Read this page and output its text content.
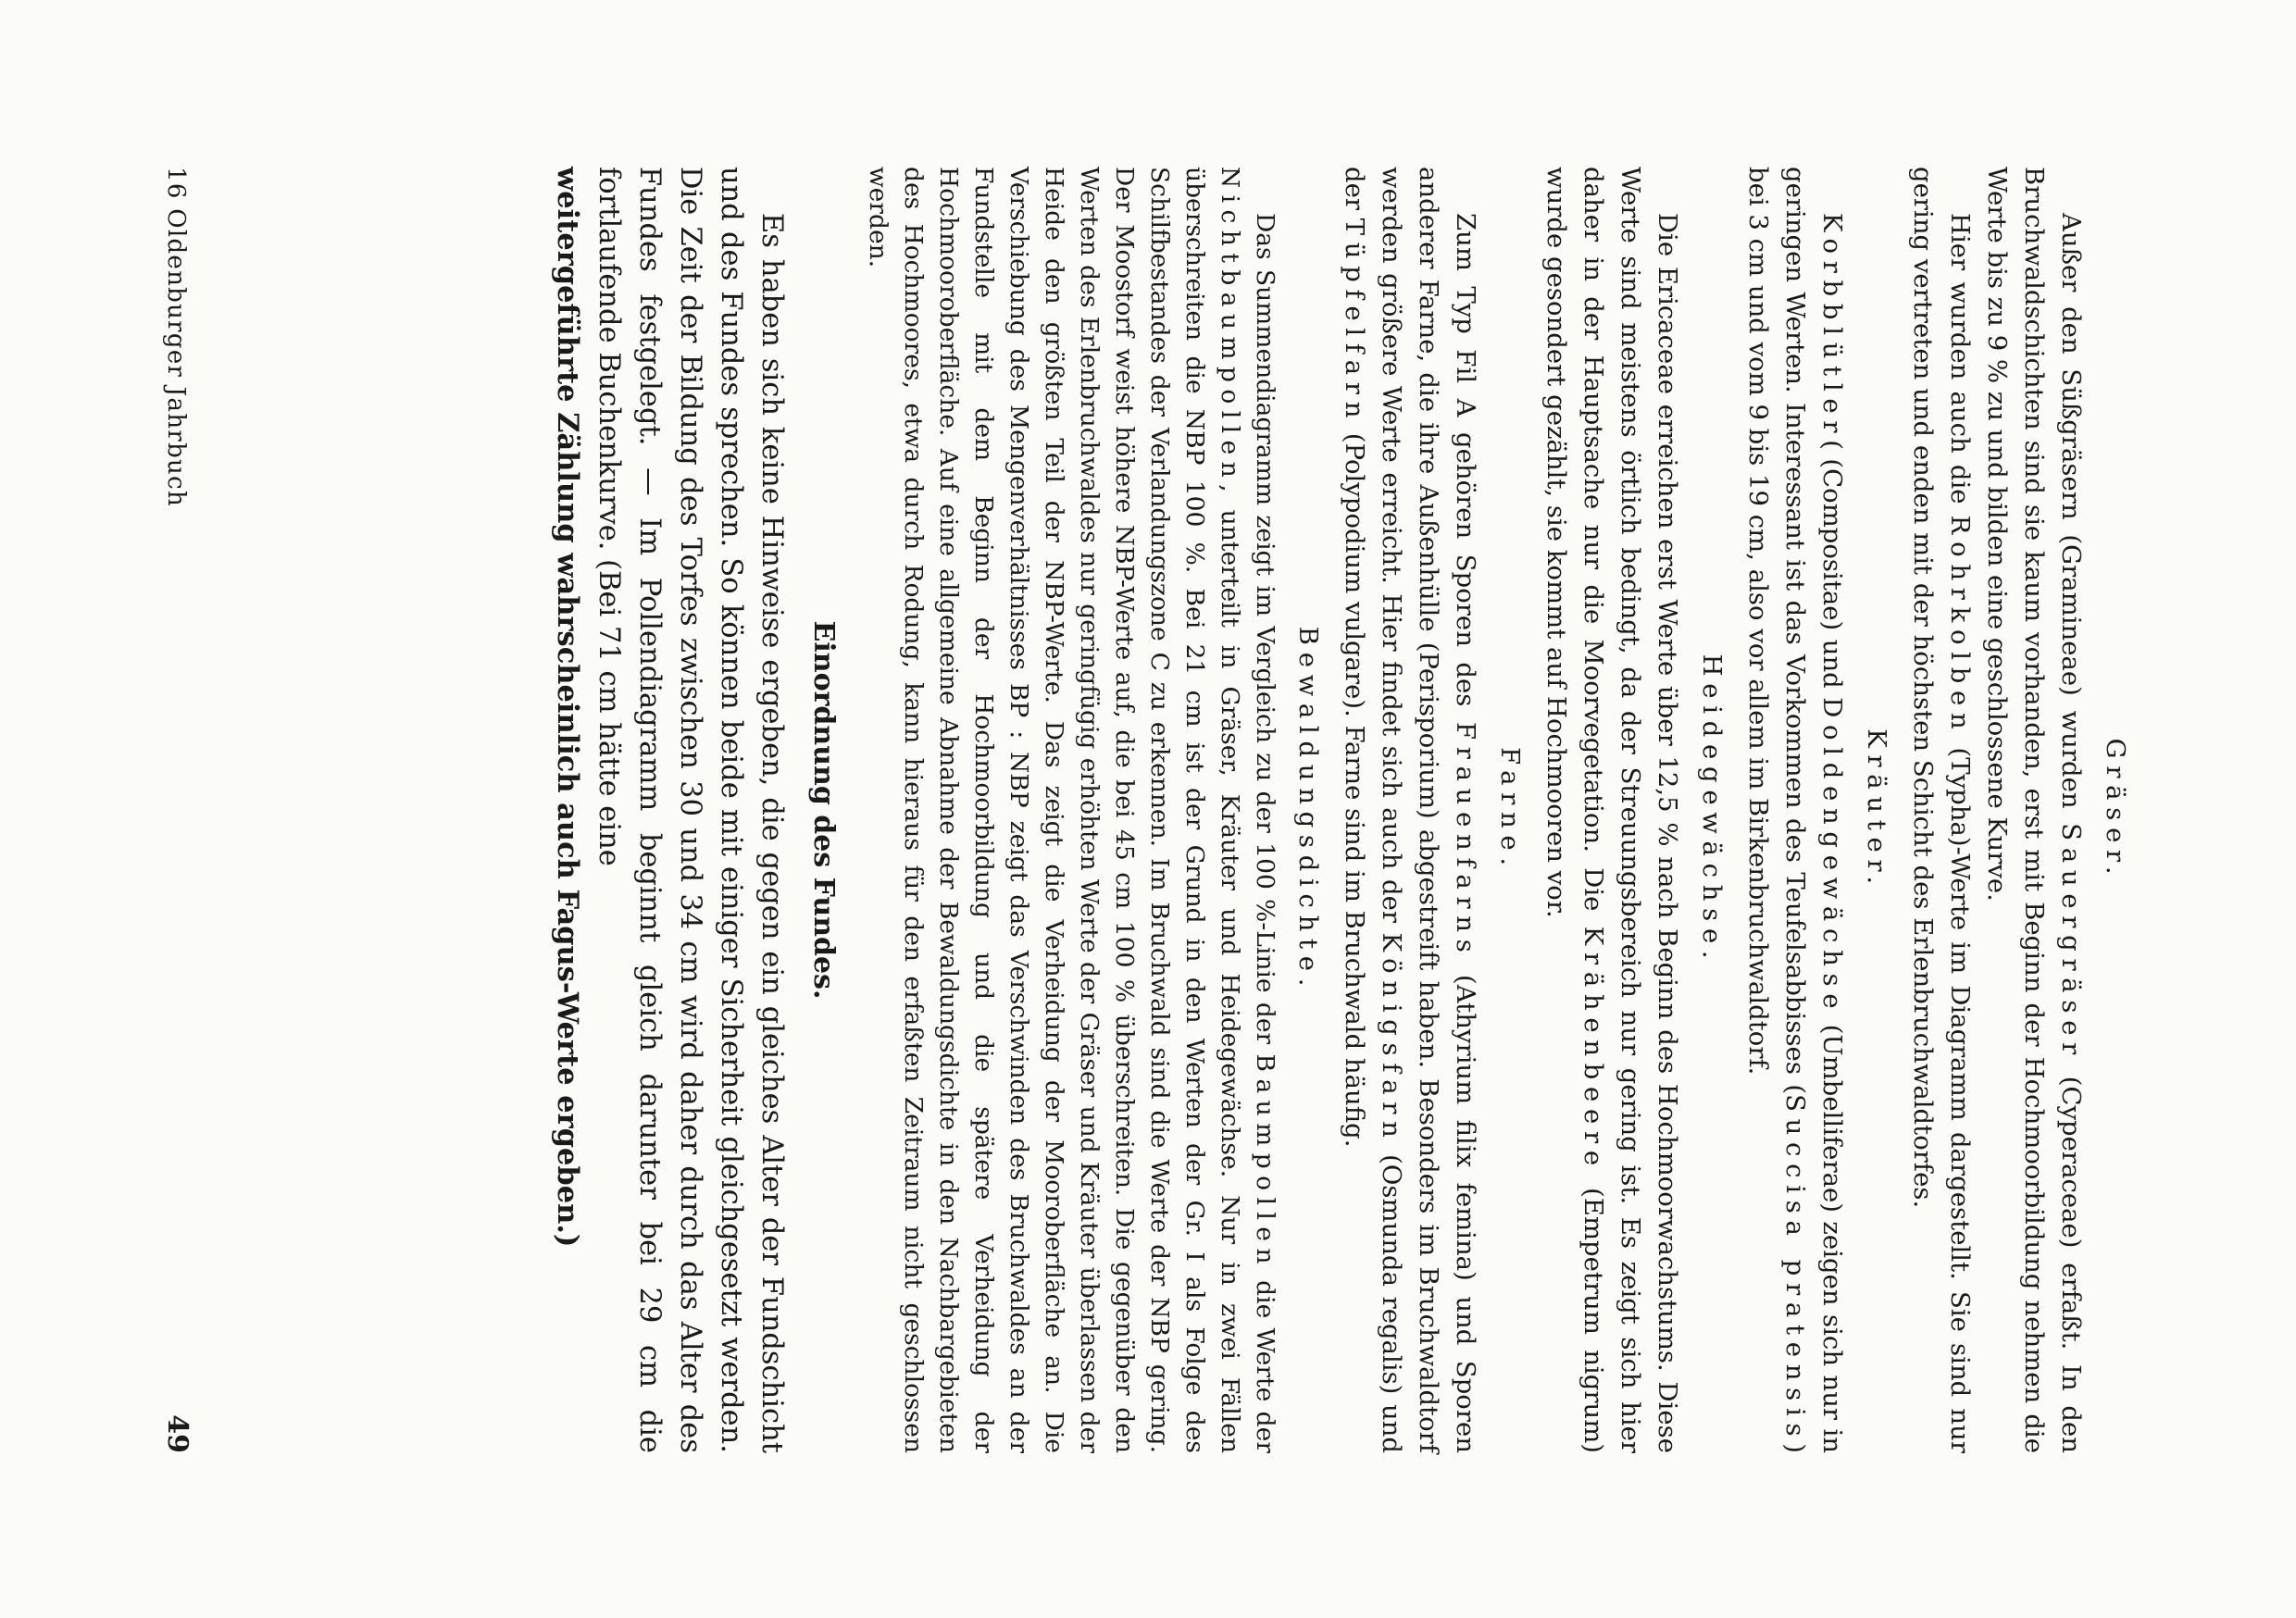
Gräser.

Außer den Süßgräsern (Gramineae) wurden Sauergräser (Cyperaceae) erfaßt. In den Bruchwaldschichten sind sie kaum vorhanden, erst mit Beginn der Hochmoorbildung nehmen die Werte bis zu 9 % zu und bilden eine geschlossene Kurve.

Hier wurden auch die Rohrkolben (Typha)-Werte im Diagramm dargestellt. Sie sind nur gering vertreten und enden mit der höchsten Schicht des Erlenbruchwaldtorfes.

Kräuter.

Korbblütler( (Compositae) und Doldengewächse (Umbelliferae) zeigen sich nur in geringen Werten. Interessant ist das Vorkommen des Teufelsabbisses (Succisa pratensis) bei 3 cm und vom 9 bis 19 cm, also vor allem im Birkenbruchwaldtorf.

Heidegewächse.

Die Ericaceae erreichen erst Werte über 12,5 % nach Beginn des Hochmoorwachstums. Diese Werte sind meistens örtlich bedingt, da der Streuungsbereich nur gering ist. Es zeigt sich hier daher in der Hauptsache nur die Moorvegetation. Die Krähenbeere (Empetrum nigrum) wurde gesondert gezählt, sie kommt auf Hochmooren vor.

Farne.

Zum Typ Fil A gehören Sporen des Frauenfarns (Athyrium filix femina) und Sporen anderer Farne, die ihre Außenhülle (Perisporium) abgestreift haben. Besonders im Bruchwaldtorf werden größere Werte erreicht. Hier findet sich auch der Königsfarn (Osmunda regalis) und der Tüpfelfarn (Polypodium vulgare). Farne sind im Bruchwald häufig.

Bewaldungsdichte.

Das Summendiagramm zeigt im Vergleich zu der 100 %-Linie der Baumpollen die Werte der Nichtbaumpollen, unterteilt in Gräser, Kräuter und Heidegewächse. Nur in zwei Fällen überschreiten die NBP 100 %. Bei 21 cm ist der Grund in den Werten der Gr. I als Folge des Schilfbestandes der Verlandungszone C zu erkennen. Im Bruchwald sind die Werte der NBP gering. Der Moostorf weist höhere NBP-Werte auf, die bei 45 cm 100 % überschreiten. Die gegenüber den Werten des Erlenbruchwaldes nur geringfügig erhöhten Werte der Gräser und Kräuter überlassen der Heide den größten Teil der NBP-Werte. Das zeigt die Verheidung der Mooroberfläche an. Die Verschiebung des Mengenverhältnisses BP : NBP zeigt das Verschwinden des Bruchwaldes an der Fundstelle mit dem Beginn der Hochmoorbildung und die spätere Verheidung der Hochmooroberfläche. Auf eine allgemeine Abnahme der Bewaldungsdichte in den Nachbargebieten des Hochmoores, etwa durch Rodung, kann hieraus für den erfaßten Zeitraum nicht geschlossen werden.

Einordnung des Fundes.

Es haben sich keine Hinweise ergeben, die gegen ein gleiches Alter der Fundschicht und des Fundes sprechen. So können beide mit einiger Sicherheit gleichgesetzt werden. Die Zeit der Bildung des Torfes zwischen 30 und 34 cm wird daher durch das Alter des Fundes festgelegt. — Im Pollendiagramm beginnt gleich darunter bei 29 cm die fortlaufende Buchenkurve. (Bei 71 cm hätte eine

weitergeführte Zählung wahrscheinlich auch Fagus-Werte ergeben.)

16 Oldenburger Jahrbuch
49
